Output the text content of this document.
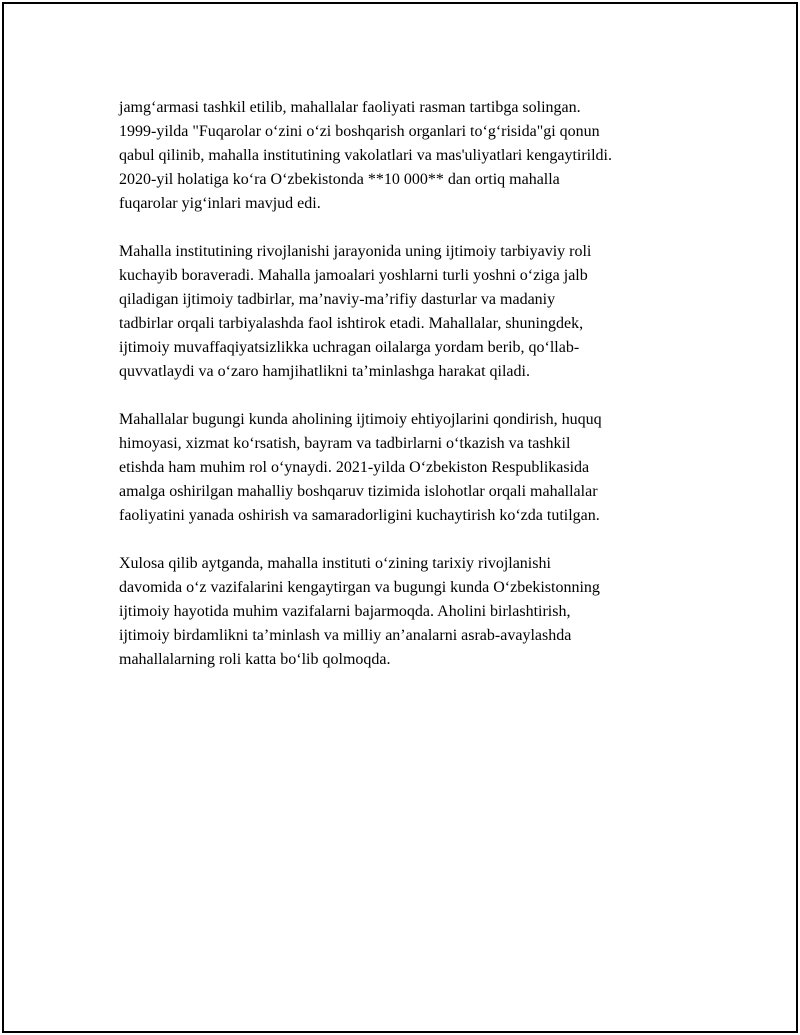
jamg‘armasi tashkil etilib, mahallalar faoliyati rasman tartibga solingan.
1999-yilda "Fuqarolar o‘zini o‘zi boshqarish organlari to‘g‘risida"gi qonun
qabul qilinib, mahalla institutining vakolatlari va mas'uliyatlari kengaytirildi.
2020-yil holatiga ko‘ra O‘zbekistonda **10 000** dan ortiq mahalla
fuqarolar yig‘inlari mavjud edi.

Mahalla institutining rivojlanishi jarayonida uning ijtimoiy tarbiyaviy roli
kuchayib boraveradi. Mahalla jamoalari yoshlarni turli yoshni o‘ziga jalb
qiladigan ijtimoiy tadbirlar, ma’naviy-ma’rifiy dasturlar va madaniy
tadbirlar orqali tarbiyalashda faol ishtirok etadi. Mahallalar, shuningdek,
ijtimoiy muvaffaqiyatsizlikka uchragan oilalarga yordam berib, qo‘llab-
quvvatlaydi va o‘zaro hamjihatlikni ta’minlashga harakat qiladi.

Mahallalar bugungi kunda aholining ijtimoiy ehtiyojlarini qondirish, huquq
himoyasi, xizmat ko‘rsatish, bayram va tadbirlarni o‘tkazish va tashkil
etishda ham muhim rol o‘ynaydi. 2021-yilda O‘zbekiston Respublikasida
amalga oshirilgan mahalliy boshqaruv tizimida islohotlar orqali mahallalar
faoliyatini yanada oshirish va samaradorligini kuchaytirish ko‘zda tutilgan.

Xulosa qilib aytganda, mahalla instituti o‘zining tarixiy rivojlanishi
davomida o‘z vazifalarini kengaytirgan va bugungi kunda O‘zbekistonning
ijtimoiy hayotida muhim vazifalarni bajarmoqda. Aholini birlashtirish,
ijtimoiy birdamlikni ta’minlash va milliy an’analarni asrab-avaylashda
mahallalarning roli katta bo‘lib qolmoqda.
